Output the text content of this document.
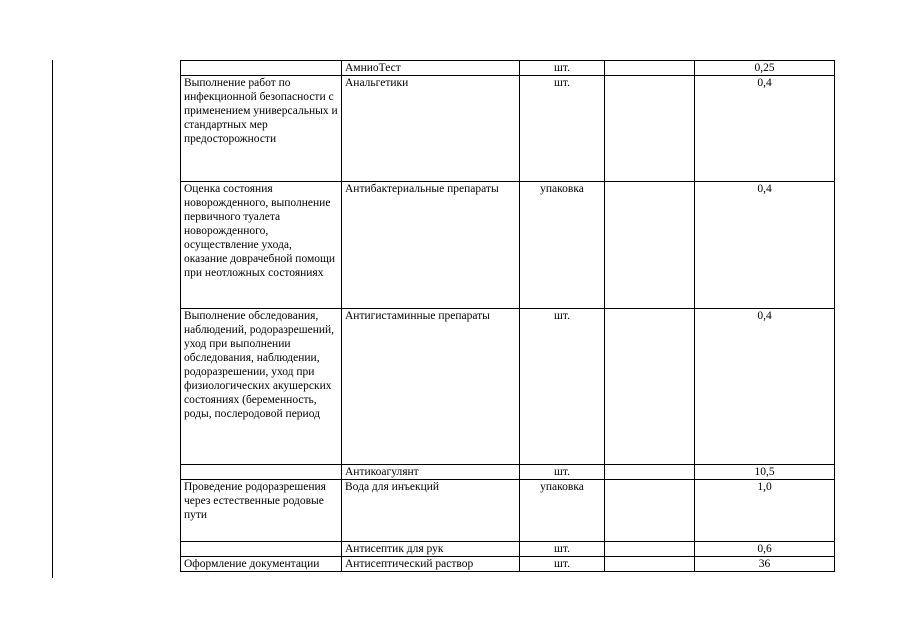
	АмниоТест	шт.		0,25

Выполнение работ по инфекционной безопасности с применением универсальных и стандартных мер предосторожности	Анальгетики	шт.		0,4
Оценка состояния новорожденного, выполнение первичного туалета новорожденного, осуществление ухода, оказание доврачебной помощи при неотложных состояниях	Антибактериальные препараты	упаковка		0,4

Выполнение обследования, наблюдений, родоразрешений, уход при выполнении обследования, наблюдении, родоразрешении, уход при физиологических акушерских состояниях (беременность, роды, послеродовой период	Антигистаминные препараты	шт.		0,4
	Антикоагулянт	шт.		10,5

Проведение родоразрешения через естественные родовые пути	Вода для инъекций	упаковка		1,0
	Антисептик для рук	шт.		0,6
Оформление документации	Антисептический раствор	шт.		36
